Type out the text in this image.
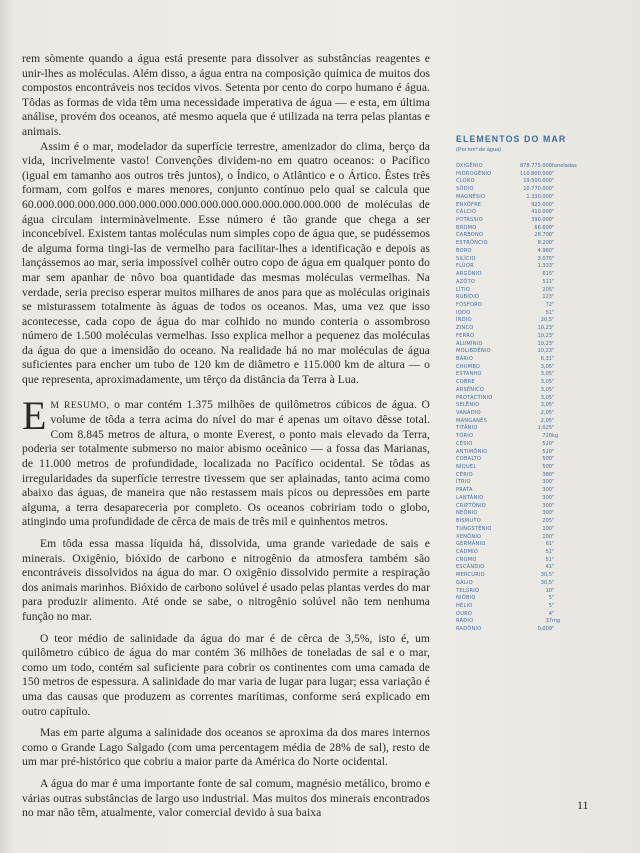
rem sòmente quando a água está presente para dissolver as substâncias reagentes e unir-lhes as moléculas. Além disso, a água entra na composição química de muitos dos compostos encontráveis nos tecidos vivos. Setenta por cento do corpo humano é água. Tôdas as formas de vida têm uma necessidade imperativa de água — e esta, em última análise, provém dos oceanos, até mesmo aquela que é utilizada na terra pelas plantas e animais.

Assim é o mar, modelador da superfície terrestre, amenizador do clima, berço da vida, incrìvelmente vasto! Convenções dividem-no em quatro oceanos: o Pacífico (igual em tamanho aos outros três juntos), o Índico, o Atlântico e o Ártico. Êstes três formam, com golfos e mares menores, conjunto contínuo pelo qual se calcula que 60.000.000.000.000.000.000.000.000.000.000.000.000.000.000.000 de moléculas de água circulam interminàvelmente. Esse número é tão grande que chega a ser inconcebível. Existem tantas moléculas num simples copo de água que, se pudéssemos de alguma forma tingi-las de vermelho para facilitar-lhes a identificação e depois as lançássemos ao mar, seria impossível colhêr outro copo de água em qualquer ponto do mar sem apanhar de nôvo boa quantidade das mesmas moléculas vermelhas. Na verdade, seria preciso esperar muitos milhares de anos para que as moléculas originais se misturassem totalmente às águas de todos os oceanos. Mas, uma vez que isso acontecesse, cada copo de água do mar colhido no mundo conteria o assombroso número de 1.500 moléculas vermelhas. Isso explica melhor a pequenez das moléculas da água do que a imensidão do oceano. Na realidade há no mar moléculas de água suficientes para encher um tubo de 120 km de diâmetro e 115.000 km de altura — o que representa, aproximadamente, um têrço da distância da Terra à Lua.

E M RESUMO, o mar contém 1.375 milhões de quilômetros cúbicos de água. O volume de tôda a terra acima do nível do mar é apenas um oitavo dêsse total. Com 8.845 metros de altura, o monte Everest, o ponto mais elevado da Terra, poderia ser totalmente submerso no maior abismo oceânico — a fossa das Marianas, de 11.000 metros de profundidade, localizada no Pacífico ocidental. Se tôdas as irregularidades da superfície terrestre tivessem que ser aplainadas, tanto acima como abaixo das águas, de maneira que não restassem mais picos ou depressões em parte alguma, a terra desapareceria por completo. Os oceanos cobririam todo o globo, atingindo uma profundidade de cêrca de mais de três mil e quinhentos metros.

Em tôda essa massa líquida há, dissolvida, uma grande variedade de sais e minerais. Oxigênio, bióxido de carbono e nitrogênio da atmosfera também são encontráveis dissolvidos na água do mar. O oxigênio dissolvido permite a respiração dos animais marinhos. Bióxido de carbono solúvel é usado pelas plantas verdes do mar para produzir alimento. Até onde se sabe, o nitrogênio solúvel não tem nenhuma função no mar.

O teor médio de salinidade da água do mar é de cêrca de 3,5%, isto é, um quilômetro cúbico de água do mar contém 36 milhões de toneladas de sal e o mar, como um todo, contém sal suficiente para cobrir os continentes com uma camada de 150 metros de espessura. A salinidade do mar varia de lugar para lugar; essa variação é uma das causas que produzem as correntes marítimas, conforme será explicado em outro capítulo.

Mas em parte alguma a salinidade dos oceanos se aproxima da dos mares internos como o Grande Lago Salgado (com uma percentagem média de 28% de sal), resto de um mar pré-histórico que cobriu a maior parte da América do Norte ocidental.

A água do mar é uma importante fonte de sal comum, magnésio metálico, bromo e várias outras substâncias de largo uso industrial. Mas muitos dos minerais encontrados no mar não têm, atualmente, valor comercial devido à sua baixa

ELEMENTOS DO MAR
(Por km³ de água)
OXIGÊNIO	878.775.000	toneladas
HIDROGÊNIO	110.800.000	"
CLORO	19.500.000	"
SÓDIO	10.770.000	"
MAGNÉSIO	1.330.000	"
ENXÔFRE	923.000	"
CÁLCIO	410.000	"
POTÁSSIO	390.000	"
BROMO	66.600	"
CARBONO	28.700	"
ESTRÔNCIO	8.200	"
BORO	4.960	"
SILÍCIO	3.075	"
FLÚOR	1.333	"
ARGÔNIO	615	"
AZÔTO	511	"
LÍTIO	205	"
RUBÍDIO	123	"
FÓSFORO	72	"
IODO	51	"
ÍNDIO	20,5	"
ZINCO	10,23	"
FERRO	10,23	"
ALUMÍNIO	10,23	"
MOLIBDÊNIO	10,23	"
BÁRIO	6,31	"
CHUMBO	3,05	"
ESTANHO	3,05	"
COBRE	3,05	"
ARSÊNICO	3,05	"
PROTACTÍNIO	3,05	"
SELÊNIO	3,05	"
VANÁDIO	2,05	"
MANGANÊS	2,05	"
TITÂNIO	1,025	"
TÓRIO	720	kg
CÉSIO	520	"
ANTIMÔNIO	520	"
COBALTO	500	"
NÍQUEL	500	"
CÉRIO	380	"
ÍTRIO	300	"
PRATA	300	"
LANTÂNIO	300	"
CRIPTÔNIO	300	"
NEÔNIO	300	"
BISMUTO	205	"
TUNGSTÊNIO	100	"
XENÔNIO	100	"
GERMÂNIO	61	"
CÁDMIO	51	"
CROMO	51	"
ESCÂNDIO	41	"
MERCÚRIO	30,5	"
GÁLIO	30,5	"
TELÚRIO	10	"
NIÓBIO	5	"
HÉLIO	5	"
OURO	4	"
RÁDIO	37	mg
RADÔNIO	0,009	"
11
